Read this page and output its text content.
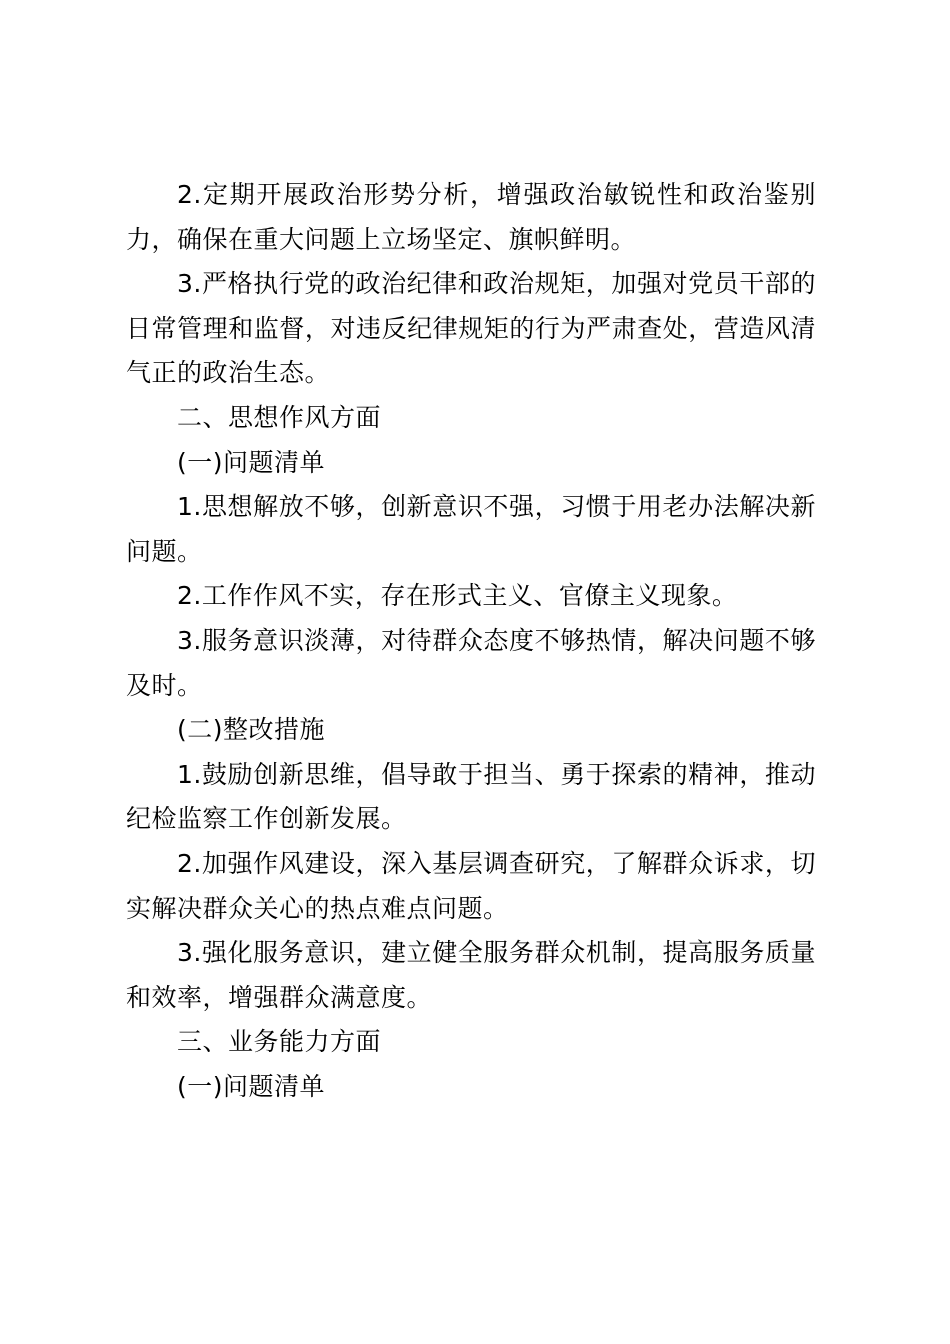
2.定期开展政治形势分析，增强政治敏锐性和政治鉴别力，确保在重大问题上立场坚定、旗帜鲜明。

3.严格执行党的政治纪律和政治规矩，加强对党员干部的日常管理和监督，对违反纪律规矩的行为严肃查处，营造风清气正的政治生态。

二、思想作风方面

(一)问题清单

1.思想解放不够，创新意识不强，习惯于用老办法解决新问题。

2.工作作风不实，存在形式主义、官僚主义现象。

3.服务意识淡薄，对待群众态度不够热情，解决问题不够及时。

(二)整改措施

1.鼓励创新思维，倡导敢于担当、勇于探索的精神，推动纪检监察工作创新发展。

2.加强作风建设，深入基层调查研究，了解群众诉求，切实解决群众关心的热点难点问题。

3.强化服务意识，建立健全服务群众机制，提高服务质量和效率，增强群众满意度。

三、业务能力方面

(一)问题清单
